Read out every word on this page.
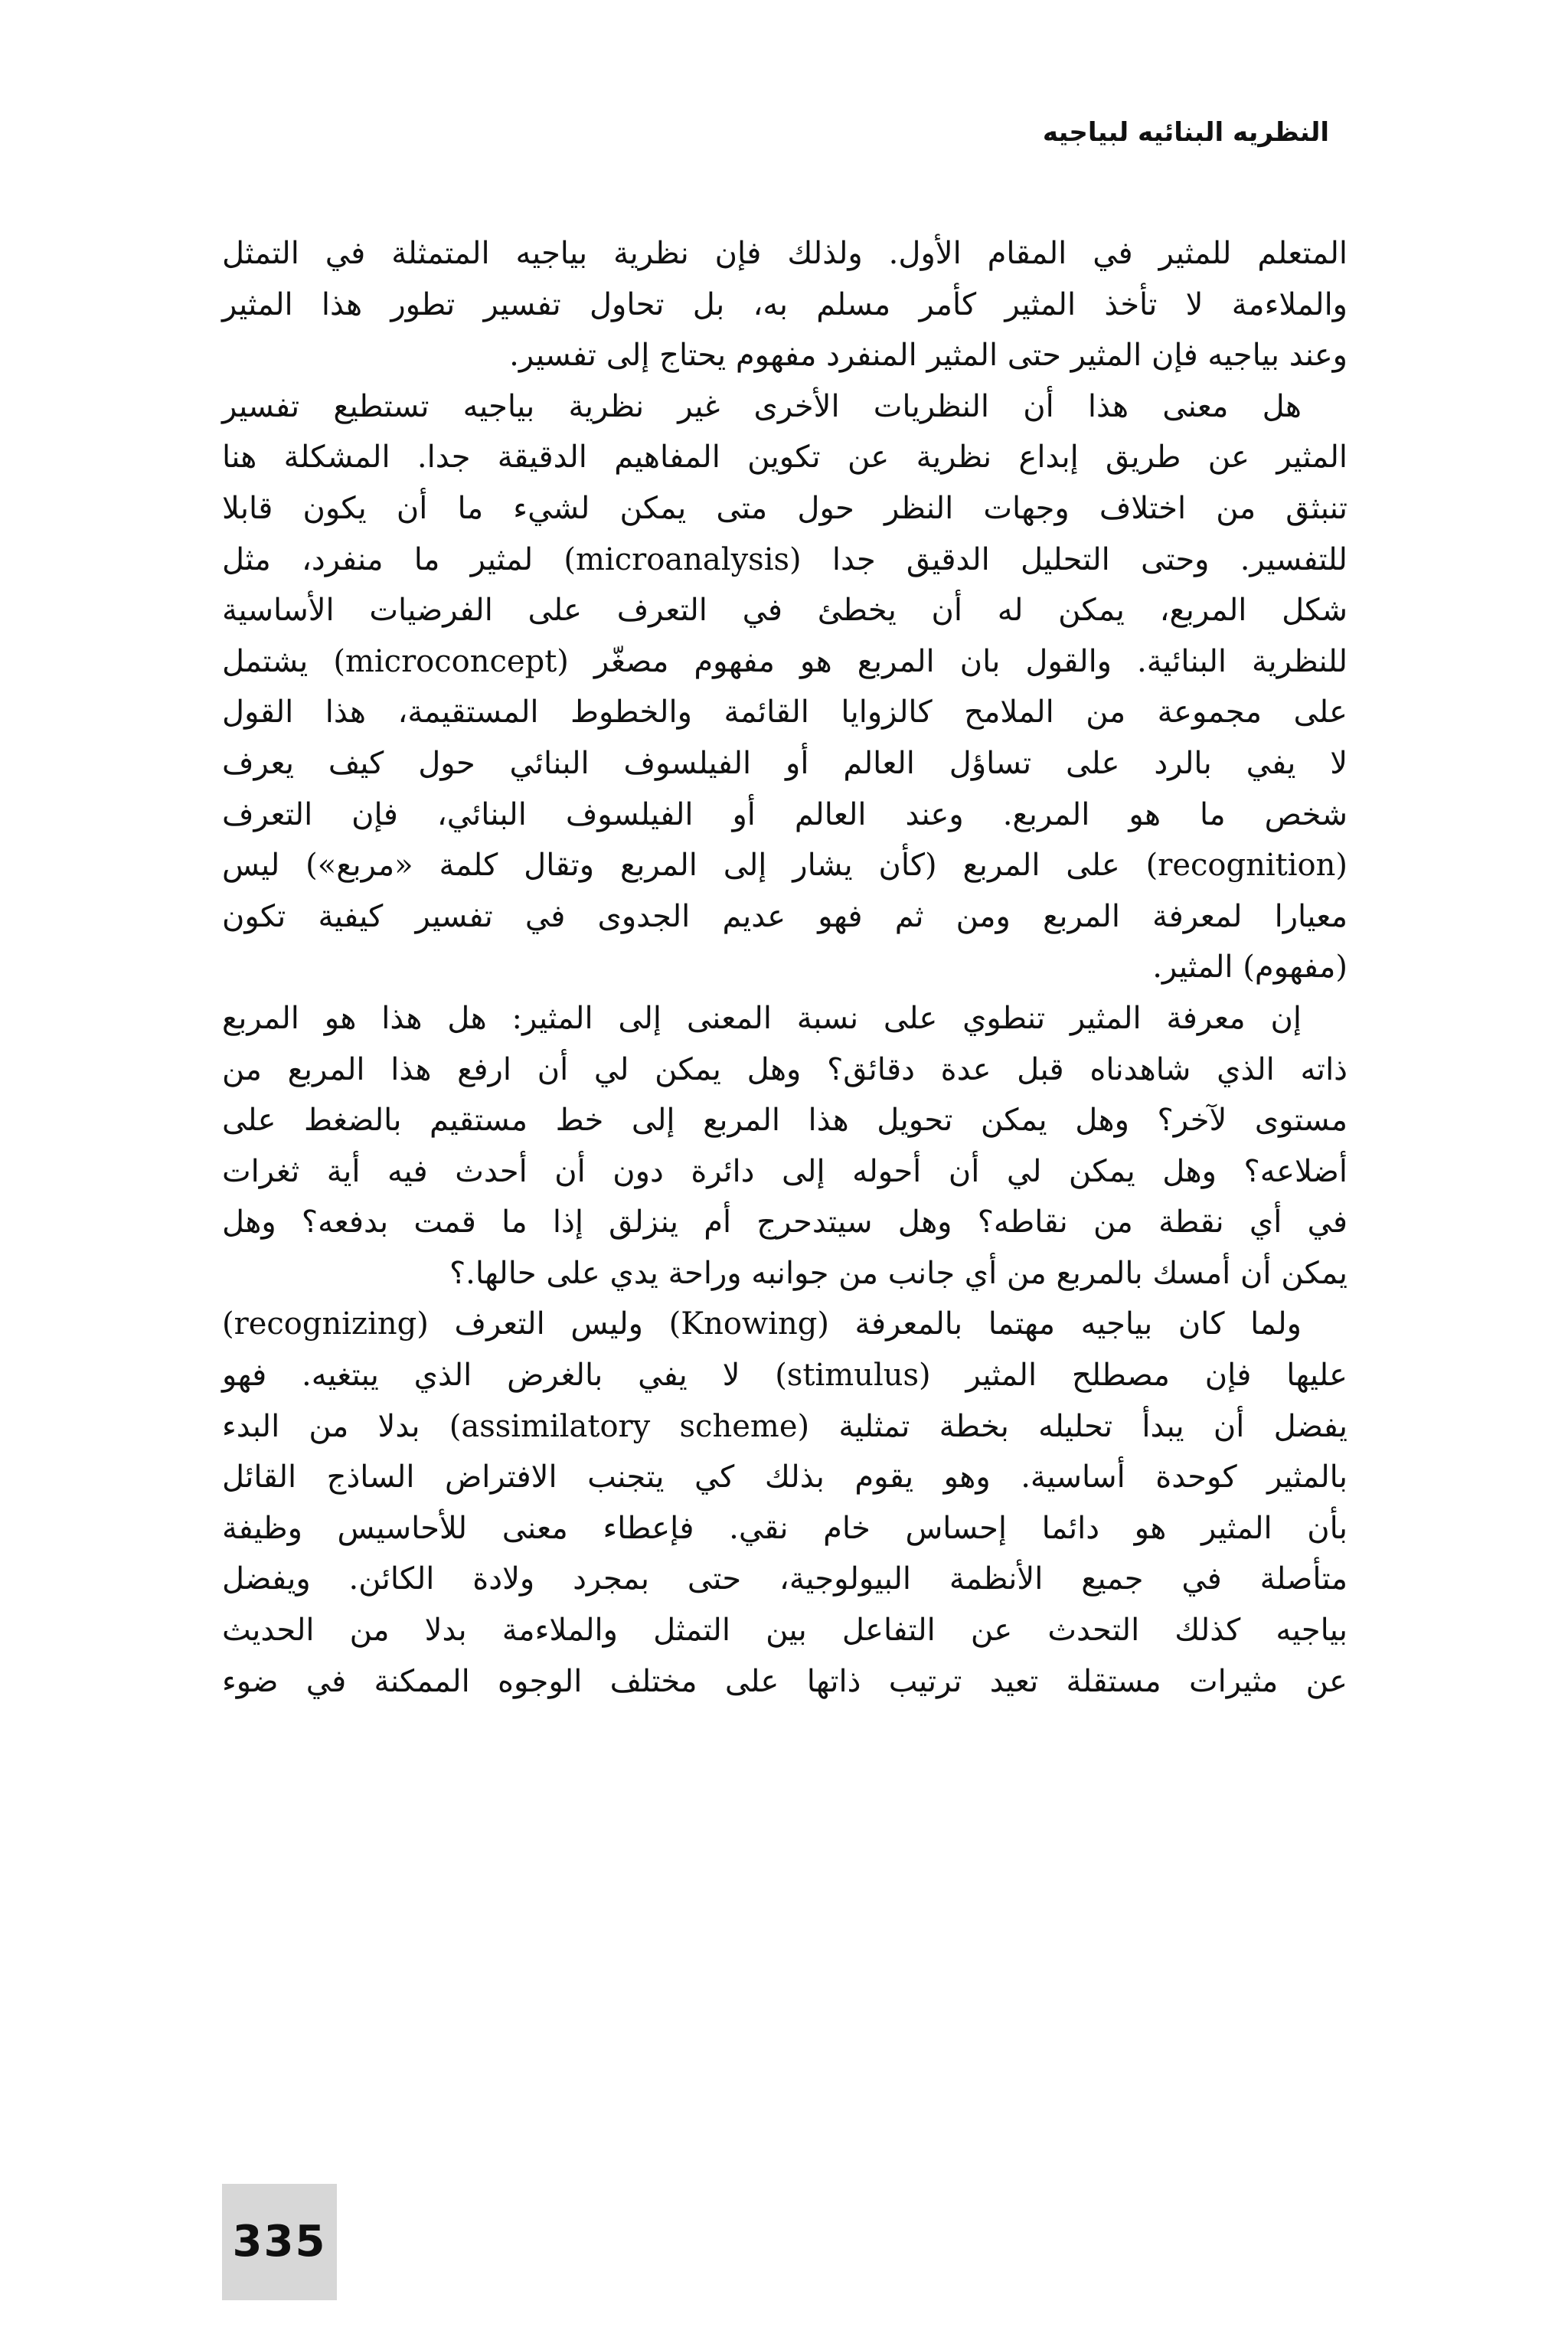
النظريه البنائيه لبياجيه
المتعلم للمثير في المقام الأول. ولذلك فإن نظرية بياجيه المتمثلة في التمثل
والملاءمة لا تأخذ المثير كأمر مسلم به، بل تحاول تفسير تطور هذا المثير
وعند بياجيه فإن المثير حتى المثير المنفرد مفهوم يحتاج إلى تفسير.
هل معنى هذا أن النظريات الأخرى غير نظرية بياجيه تستطيع تفسير
المثير عن طريق إبداع نظرية عن تكوين المفاهيم الدقيقة جدا. المشكلة هنا
تنبثق من اختلاف وجهات النظر حول متى يمكن لشيء ما أن يكون قابلا
للتفسير. وحتى التحليل الدقيق جدا (microanalysis) لمثير ما منفرد، مثل
شكل المربع، يمكن له أن يخطئ في التعرف على الفرضيات الأساسية
للنظرية البنائية. والقول بان المربع هو مفهوم مصغّر (microconcept) يشتمل
على مجموعة من الملامح كالزوايا القائمة والخطوط المستقيمة، هذا القول
لا يفي بالرد على تساؤل العالم أو الفيلسوف البنائي حول كيف يعرف
شخص ما هو المربع. وعند العالم أو الفيلسوف البنائي، فإن التعرف
(recognition) على المربع (كأن يشار إلى المربع وتقال كلمة «مربع») ليس
معيارا لمعرفة المربع ومن ثم فهو عديم الجدوى في تفسير كيفية تكون
(مفهوم) المثير.
إن معرفة المثير تنطوي على نسبة المعنى إلى المثير: هل هذا هو المربع
ذاته الذي شاهدناه قبل عدة دقائق؟ وهل يمكن لي أن ارفع هذا المربع من
مستوى لآخر؟ وهل يمكن تحويل هذا المربع إلى خط مستقيم بالضغط على
أضلاعه؟ وهل يمكن لي أن أحوله إلى دائرة دون أن أحدث فيه أية ثغرات
في أي نقطة من نقاطه؟ وهل سيتدحرج أم ينزلق إذا ما قمت بدفعه؟ وهل
يمكن أن أمسك بالمربع من أي جانب من جوانبه وراحة يدي على حالها.؟
ولما كان بياجيه مهتما بالمعرفة (Knowing) وليس التعرف (recognizing)
عليها فإن مصطلح المثير (stimulus) لا يفي بالغرض الذي يبتغيه. فهو
يفضل أن يبدأ تحليله بخطة تمثلية (assimilatory scheme) بدلا من البدء
بالمثير كوحدة أساسية. وهو يقوم بذلك كي يتجنب الافتراض الساذج القائل
بأن المثير هو دائما إحساس خام نقي. فإعطاء معنى للأحاسيس وظيفة
متأصلة في جميع الأنظمة البيولوجية، حتى بمجرد ولادة الكائن. ويفضل
بياجيه كذلك التحدث عن التفاعل بين التمثل والملاءمة بدلا من الحديث
عن مثيرات مستقلة تعيد ترتيب ذاتها على مختلف الوجوه الممكنة في ضوء
335
